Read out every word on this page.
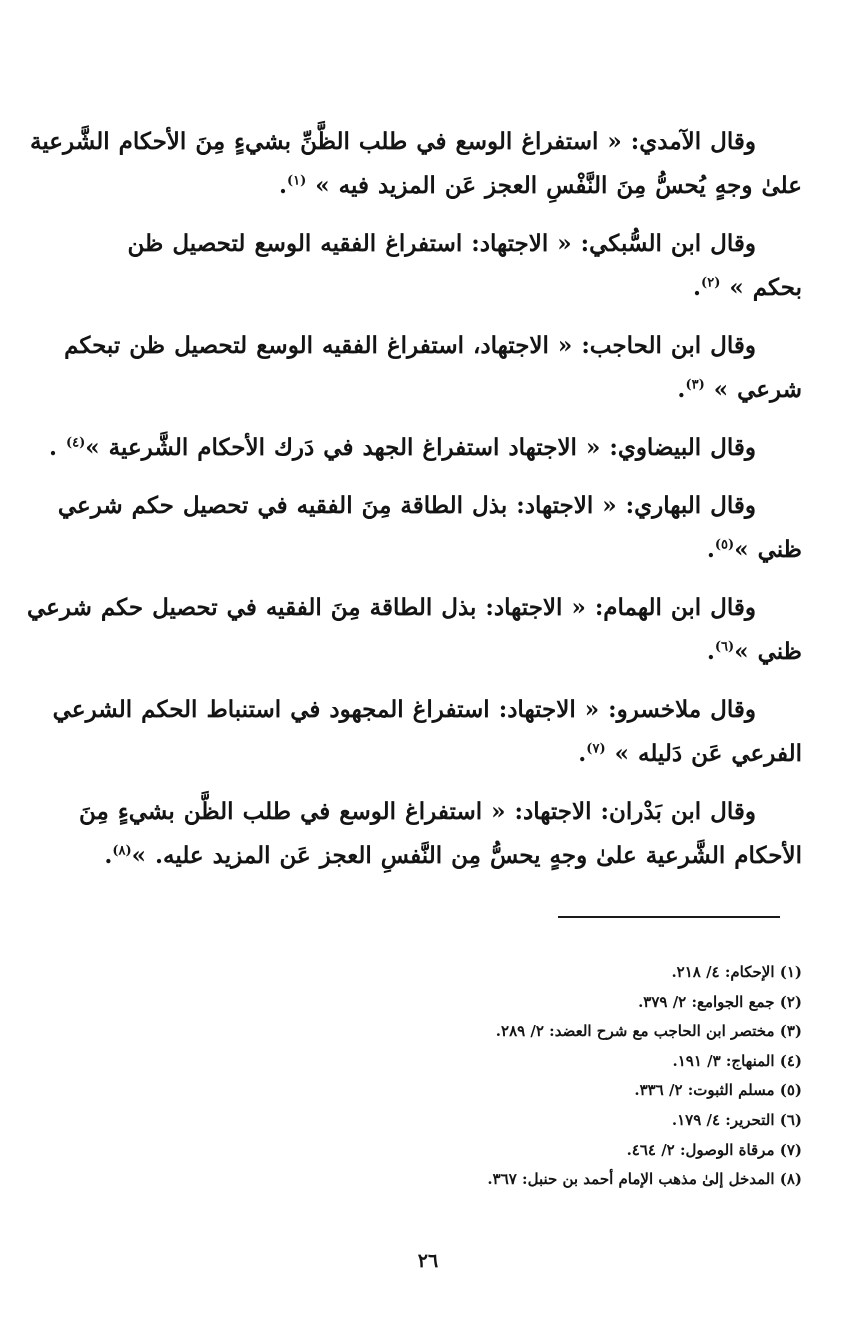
وقال الآمدي: « استفراغ الوسع في طلب الظَّنِّ بشيءٍ مِنَ الأحكام الشَّرعية
علىٰ وجهٍ يُحسُّ مِنَ النَّفْسِ العجز عَن المزيد فيه » $^{(١)}$.

وقال ابن السُّبكي: « الاجتهاد: استفراغ الفقيه الوسع لتحصيل ظن
بحكم » $^{(٢)}$.

وقال ابن الحاجب: « الاجتهاد، استفراغ الفقيه الوسع لتحصيل ظن تبحكم
شرعي » $^{(٣)}$.

وقال البيضاوي: « الاجتهاد استفراغ الجهد في دَرك الأحكام الشَّرعية »$^{(٤)}$ .

وقال البهاري: « الاجتهاد: بذل الطاقة مِنَ الفقيه في تحصيل حكم شرعي
ظني »$^{(٥)}$.

وقال ابن الهمام: « الاجتهاد: بذل الطاقة مِنَ الفقيه في تحصيل حكم شرعي
ظني »$^{(٦)}$.

وقال ملاخسرو: « الاجتهاد: استفراغ المجهود في استنباط الحكم الشرعي
الفرعي عَن دَليله » $^{(٧)}$.

وقال ابن بَدْران: الاجتهاد: « استفراغ الوسع في طلب الظَّن بشيءٍ مِنَ
الأحكام الشَّرعية علىٰ وجهٍ يحسُّ مِن النَّفسِ العجز عَن المزيد عليه. »$^{(٨)}$.

(١) الإحكام: ٤/ ٢١٨.
(٢) جمع الجوامع: ٢/ ٣٧٩.
(٣) مختصر ابن الحاجب مع شرح العضد: ٢/ ٢٨٩.
(٤) المنهاج: ٣/ ١٩١.
(٥) مسلم الثبوت: ٢/ ٣٣٦.
(٦) التحرير: ٤/ ١٧٩.
(٧) مرقاة الوصول: ٢/ ٤٦٤.
(٨) المدخل إلىٰ مذهب الإمام أحمد بن حنبل: ٣٦٧.
٢٦
